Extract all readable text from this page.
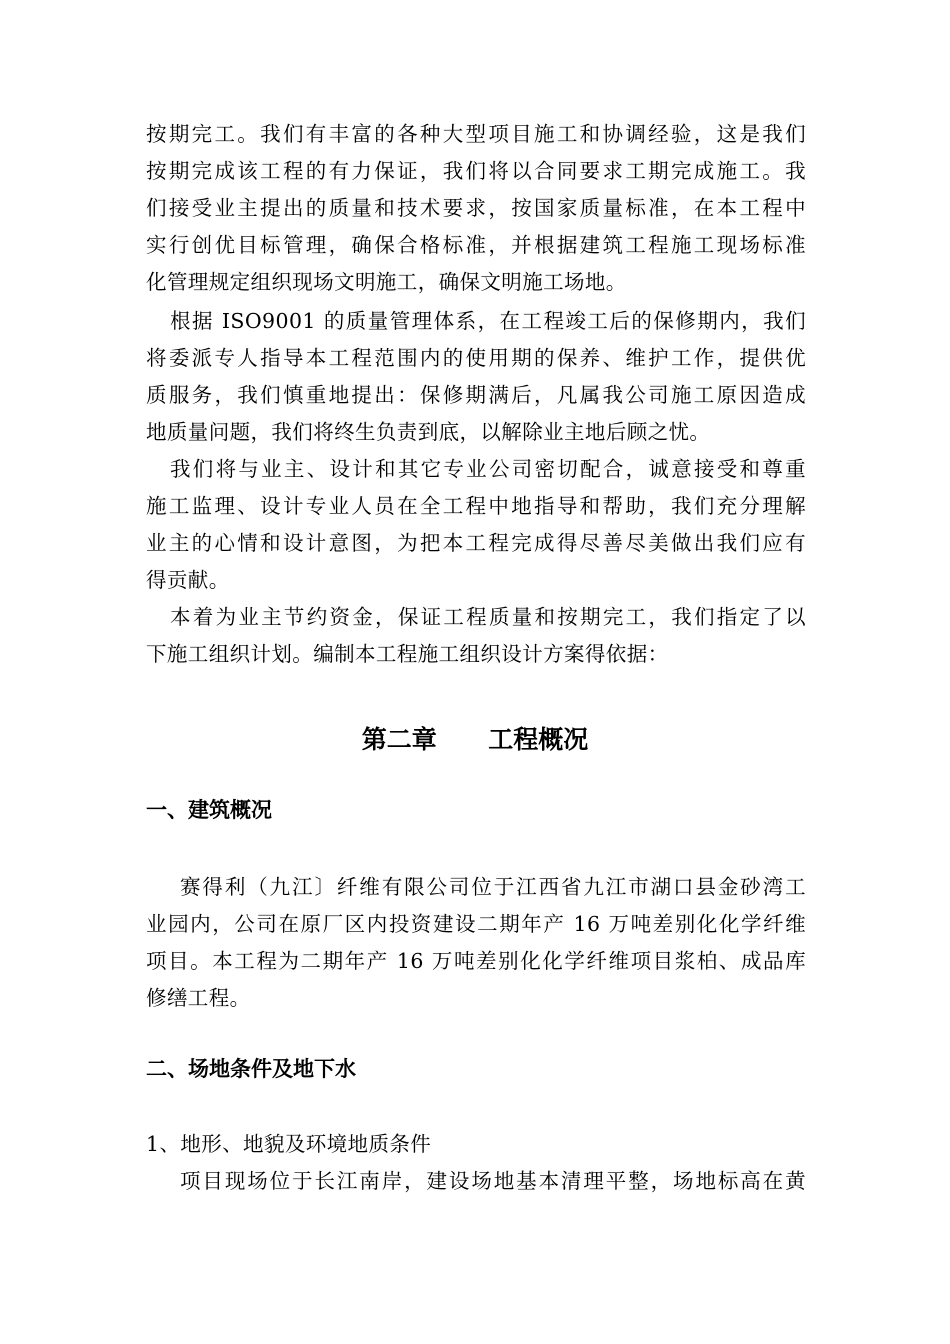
按期完工。我们有丰富的各种大型项目施工和协调经验，这是我们
按期完成该工程的有力保证，我们将以合同要求工期完成施工。我
们接受业主提出的质量和技术要求，按国家质量标准，在本工程中
实行创优目标管理，确保合格标准，并根据建筑工程施工现场标准
化管理规定组织现场文明施工，确保文明施工场地。
根据 ISO9001 的质量管理体系，在工程竣工后的保修期内，我们
将委派专人指导本工程范围内的使用期的保养、维护工作，提供优
质服务，我们慎重地提出：保修期满后，凡属我公司施工原因造成
地质量问题，我们将终生负责到底，以解除业主地后顾之忧。
我们将与业主、设计和其它专业公司密切配合，诚意接受和尊重
施工监理、设计专业人员在全工程中地指导和帮助，我们充分理解
业主的心情和设计意图，为把本工程完成得尽善尽美做出我们应有
得贡献。
本着为业主节约资金，保证工程质量和按期完工，我们指定了以
下施工组织计划。编制本工程施工组织设计方案得依据：
第二章 工程概况
一、建筑概况
赛得利（九江〕纤维有限公司位于江西省九江市湖口县金砂湾工
业园内，公司在原厂区内投资建设二期年产 16 万吨差别化化学纤维
项目。本工程为二期年产 16 万吨差别化化学纤维项目浆柏、成品库
修缮工程。
二、场地条件及地下水
1、地形、地貌及环境地质条件
项目现场位于长江南岸，建设场地基本清理平整，场地标高在黄
